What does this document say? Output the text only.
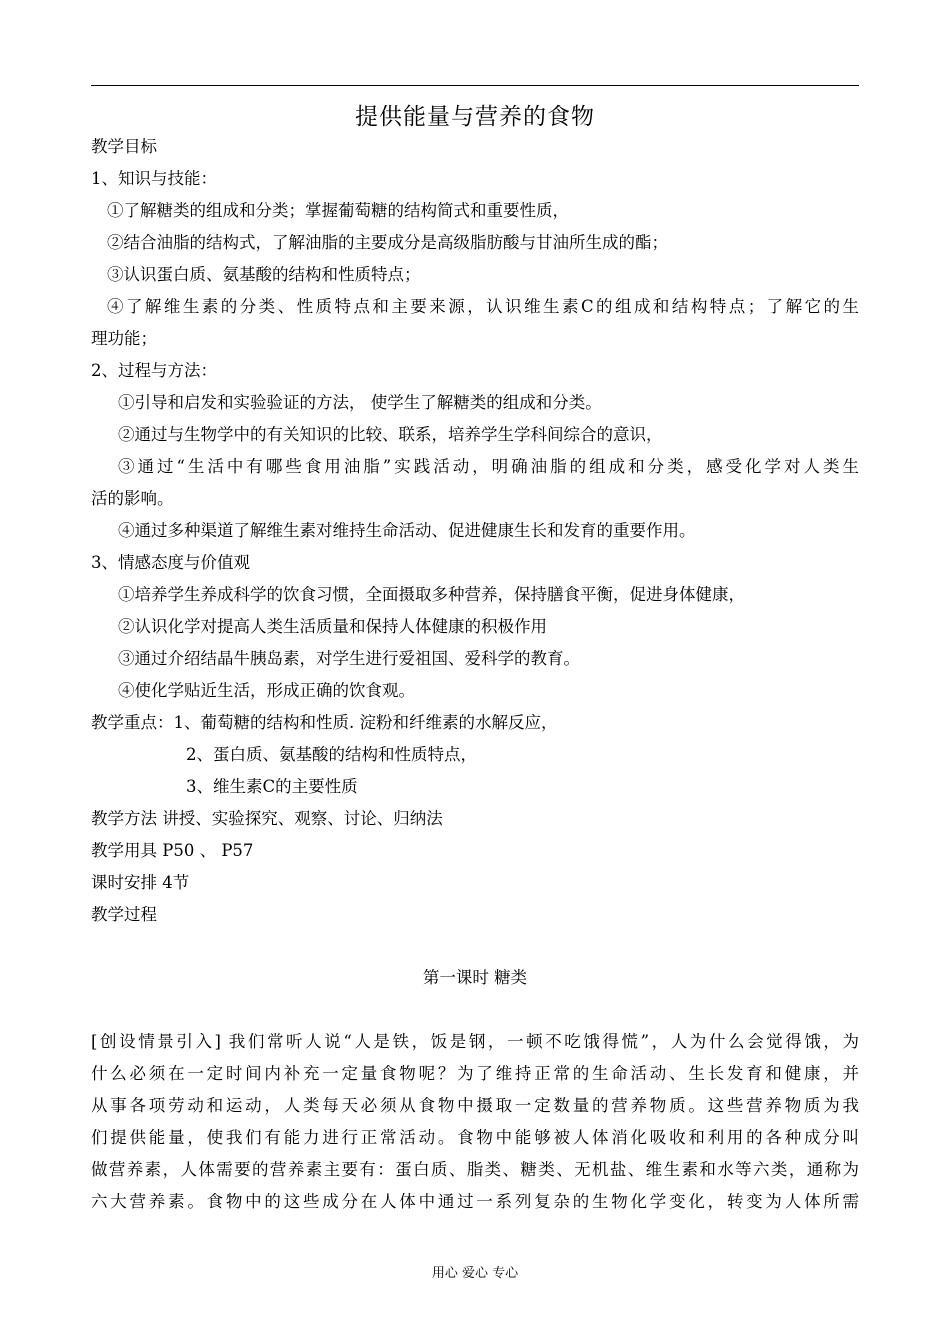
提供能量与营养的食物
教学目标
1、知识与技能：
①了解糖类的组成和分类；掌握葡萄糖的结构简式和重要性质，
②结合油脂的结构式，了解油脂的主要成分是高级脂肪酸与甘油所生成的酯；
③认识蛋白质、氨基酸的结构和性质特点；
④了解维生素的分类、性质特点和主要来源，认识维生素C的组成和结构特点；了解它的生
理功能；
2、过程与方法：
①引导和启发和实验验证的方法， 使学生了解糖类的组成和分类。
②通过与生物学中的有关知识的比较、联系，培养学生学科间综合的意识，
③通过“生活中有哪些食用油脂”实践活动，明确油脂的组成和分类，感受化学对人类生
活的影响。
④通过多种渠道了解维生素对维持生命活动、促进健康生长和发育的重要作用。
3、情感态度与价值观
①培养学生养成科学的饮食习惯，全面摄取多种营养，保持膳食平衡，促进身体健康，
②认识化学对提高人类生活质量和保持人体健康的积极作用
③通过介绍结晶牛胰岛素，对学生进行爱祖国、爱科学的教育。
④使化学贴近生活，形成正确的饮食观。
教学重点：1、葡萄糖的结构和性质. 淀粉和纤维素的水解反应，
2、蛋白质、氨基酸的结构和性质特点，
3、维生素C的主要性质
教学方法 讲授、实验探究、观察、讨论、归纳法
教学用具 P50 、 P57
课时安排 4节
教学过程
第一课时 糖类
[创设情景引入] 我们常听人说“人是铁，饭是钢，一顿不吃饿得慌”，人为什么会觉得饿，为
什么必须在一定时间内补充一定量食物呢？为了维持正常的生命活动、生长发育和健康，并
从事各项劳动和运动，人类每天必须从食物中摄取一定数量的营养物质。这些营养物质为我
们提供能量，使我们有能力进行正常活动。食物中能够被人体消化吸收和利用的各种成分叫
做营养素，人体需要的营养素主要有：蛋白质、脂类、糖类、无机盐、维生素和水等六类，通称为
六大营养素。食物中的这些成分在人体中通过一系列复杂的生物化学变化，转变为人体所需
用心 爱心 专心
